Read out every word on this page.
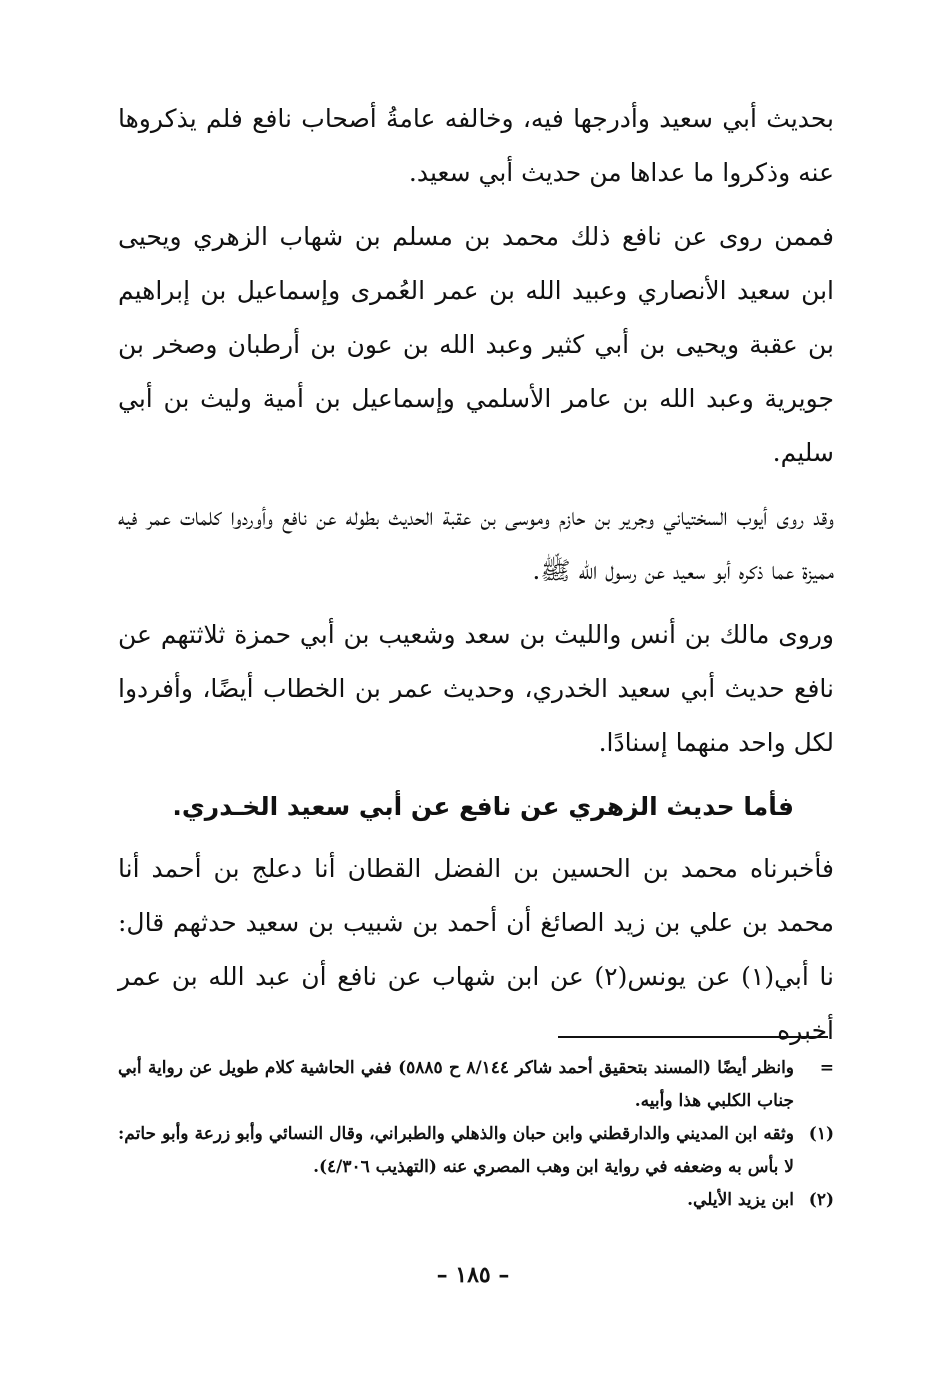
بحديث أبي سعيد وأدرجها فيه، وخالفه عامةُ أصحاب نافع فلم يذكروها عنه وذكروا ما عداها من حديث أبي سعيد.

فممن روى عن نافع ذلك محمد بن مسلم بن شهاب الزهري ويحيى ابن سعيد الأنصاري وعبيد الله بن عمر العُمرى وإسماعيل بن إبراهيم بن عقبة ويحيى بن أبي كثير وعبد الله بن عون بن أرطبان وصخر بن جويرية وعبد الله بن عامر الأسلمي وإسماعيل بن أمية وليث بن أبي سليم.

وقد روى أيوب السختياني وجرير بن حازم وموسى بن عقبة الحديث بطوله عن نافع وأوردوا كلمات عمر فيه مميزة عما ذكره أبو سعيد عن رسول الله ﷺ.

وروى مالك بن أنس والليث بن سعد وشعيب بن أبي حمزة ثلاثتهم عن نافع حديث أبي سعيد الخدري، وحديث عمر بن الخطاب أيضًا، وأفردوا لكل واحد منهما إسنادًا.

فأما حديث الزهري عن نافع عن أبي سعيد الخـدري.

فأخبرناه محمد بن الحسين بن الفضل القطان أنا دعلج بن أحمد أنا محمد بن علي بن زيد الصائغ أن أحمد بن شبيب بن سعيد حدثهم قال: نا أبي(١) عن يونس(٢) عن ابن شهاب عن نافع أن عبد الله بن عمر أخبره

=
وانظر أيضًا (المسند بتحقيق أحمد شاكر ٨/١٤٤ ح ٥٨٨٥) ففي الحاشية كلام طويل عن رواية أبي جناب الكلبي هذا وأبيه.
(١)
وثقه ابن المديني والدارقطني وابن حبان والذهلي والطبراني، وقال النسائي وأبو زرعة وأبو حاتم: لا بأس به وضعفه في رواية ابن وهب المصري عنه (التهذيب ٤/٣٠٦).
(٢)
ابن يزيد الأيلي.
– ١٨٥ –
